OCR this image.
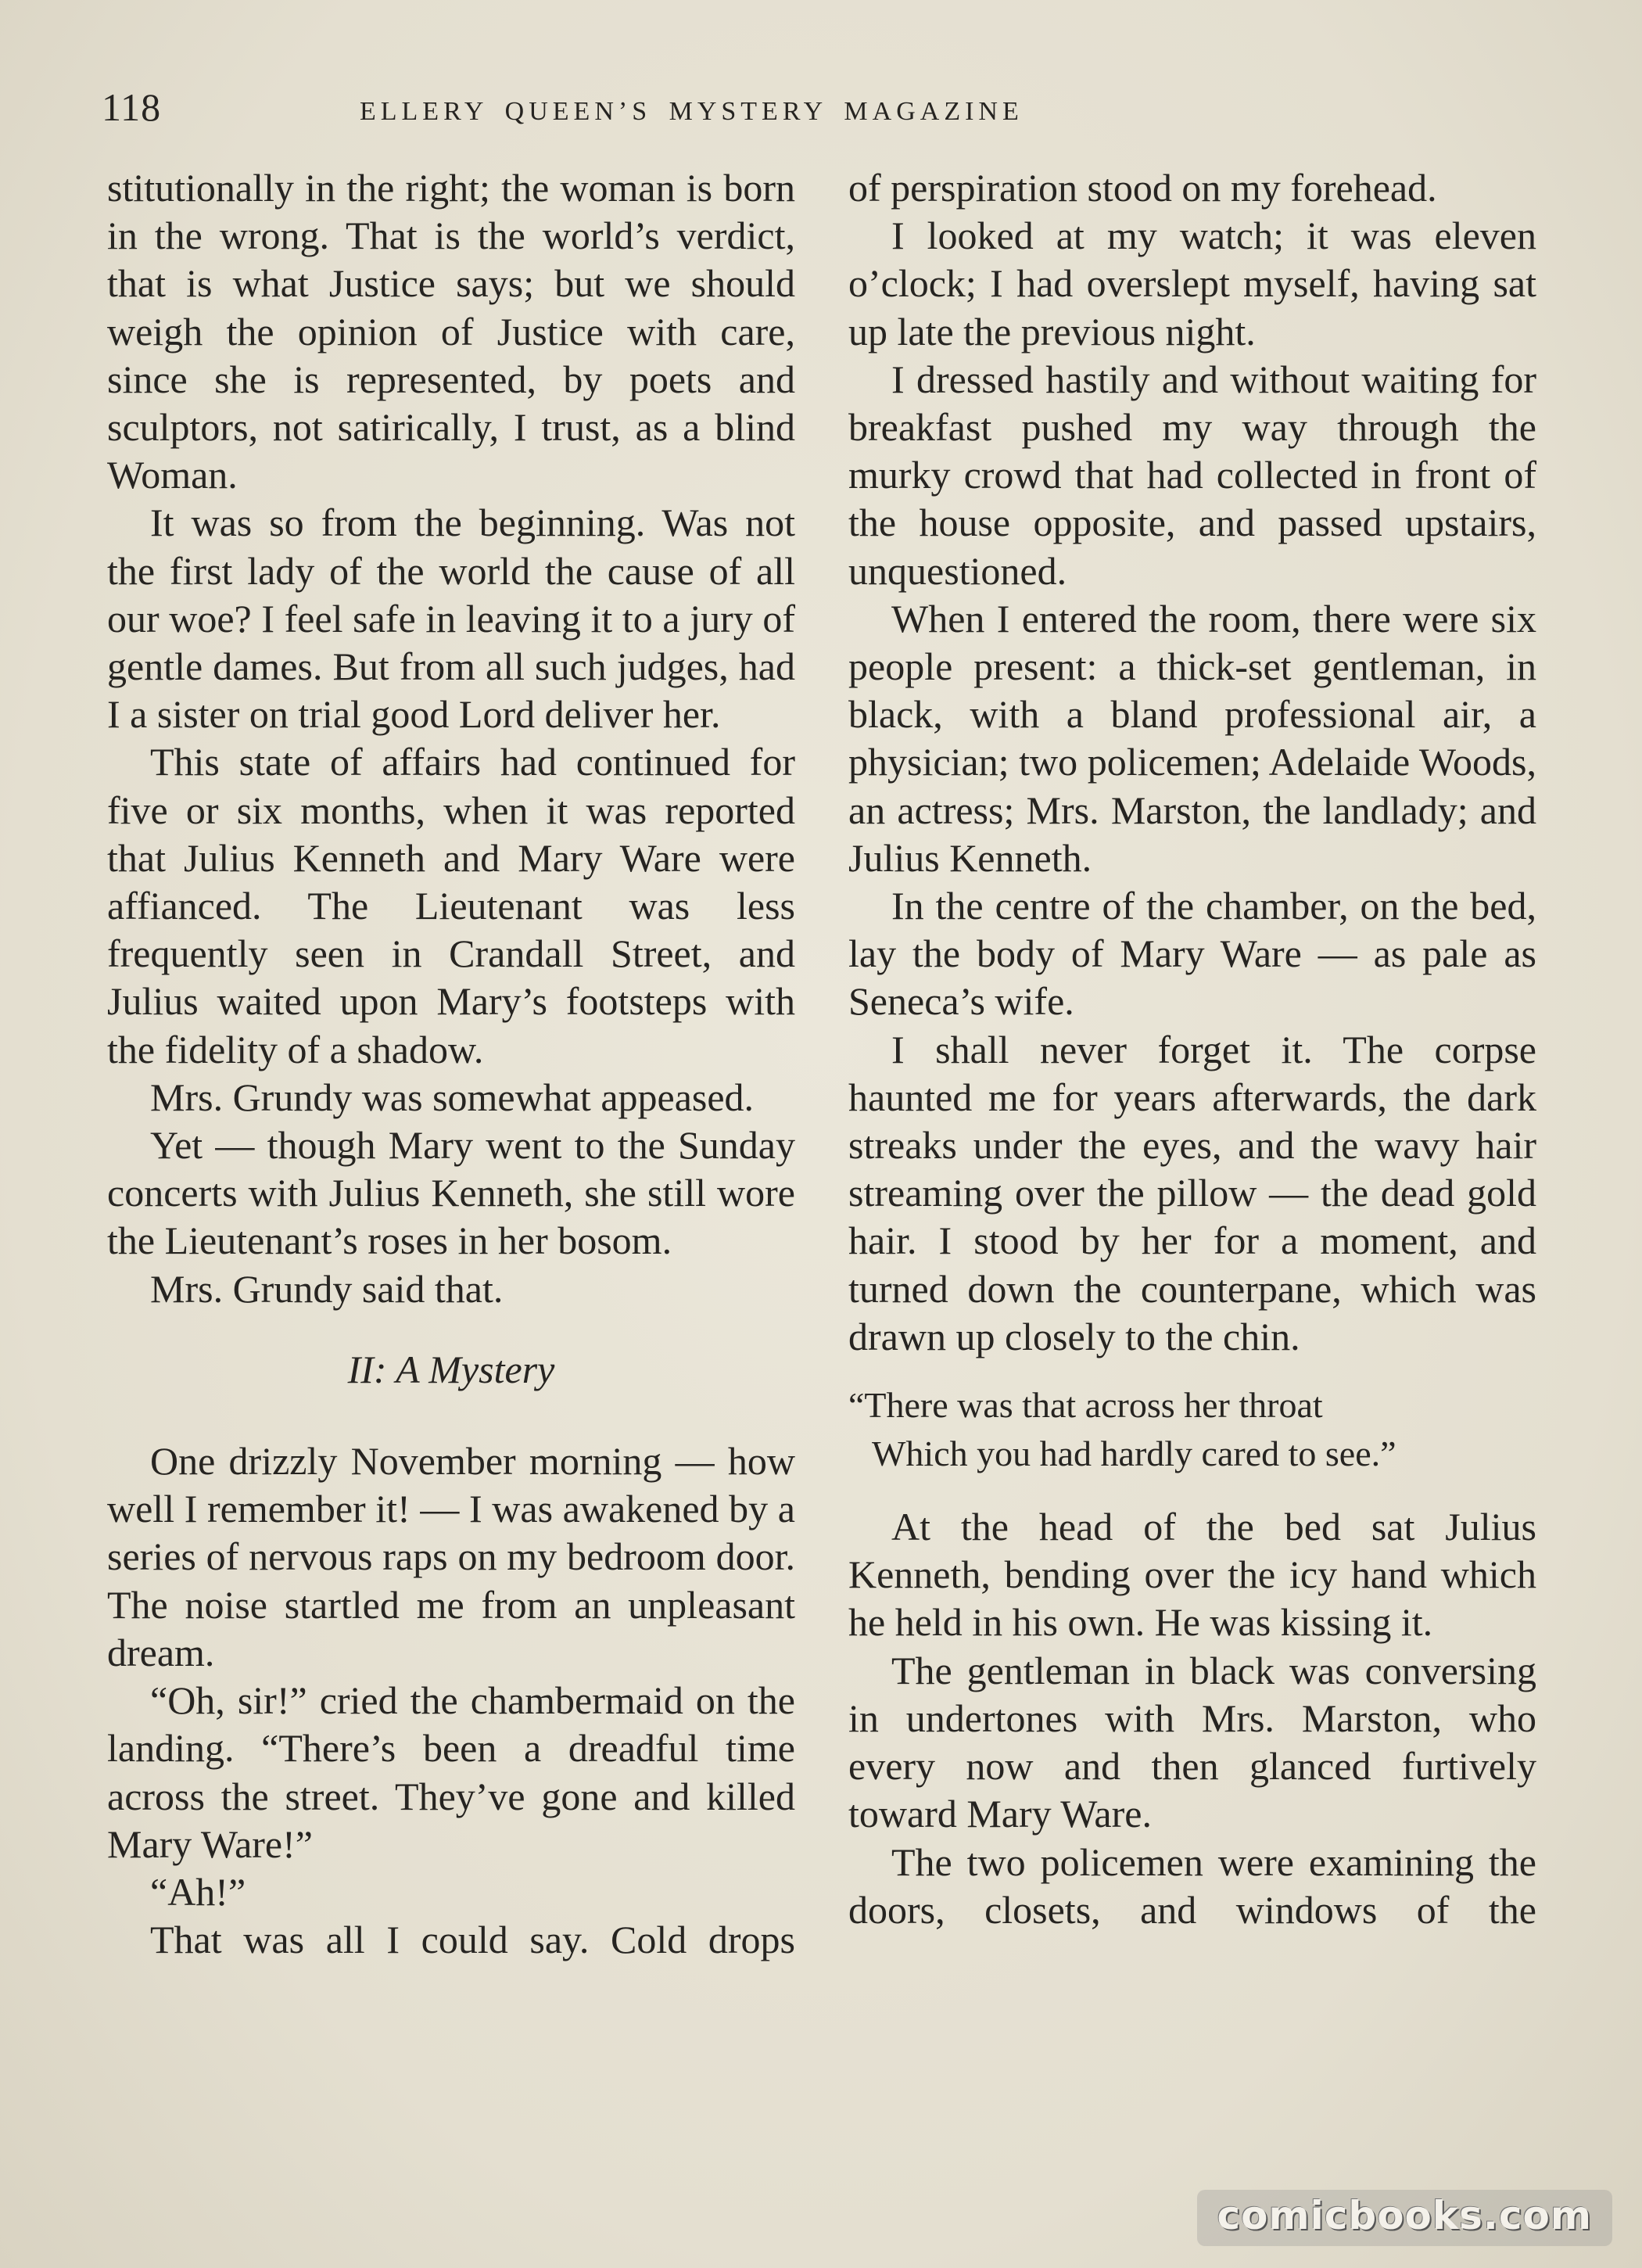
118	ELLERY QUEEN’S MYSTERY MAGAZINE

stitutionally in the right; the woman is born in the wrong. That is the world’s verdict, that is what Justice says; but we should weigh the opinion of Justice with care, since she is represented, by poets and sculptors, not satirically, I trust, as a blind Woman.

It was so from the beginning. Was not the first lady of the world the cause of all our woe? I feel safe in leaving it to a jury of gentle dames. But from all such judges, had I a sister on trial good Lord deliver her.

This state of affairs had continued for five or six months, when it was reported that Julius Kenneth and Mary Ware were affianced. The Lieutenant was less frequently seen in Crandall Street, and Julius waited upon Mary’s footsteps with the fidelity of a shadow.

Mrs. Grundy was somewhat appeased.

Yet — though Mary went to the Sunday concerts with Julius Kenneth, she still wore the Lieutenant’s roses in her bosom.

Mrs. Grundy said that.

II: A Mystery

One drizzly November morning — how well I remember it! — I was awakened by a series of nervous raps on my bedroom door. The noise startled me from an unpleasant dream.

“Oh, sir!” cried the chambermaid on the landing. “There’s been a dreadful time across the street. They’ve gone and killed Mary Ware!”

“Ah!”

That was all I could say. Cold drops

of perspiration stood on my forehead.

I looked at my watch; it was eleven o’clock; I had overslept myself, having sat up late the previous night.

I dressed hastily and without waiting for breakfast pushed my way through the murky crowd that had collected in front of the house opposite, and passed upstairs, unquestioned.

When I entered the room, there were six people present: a thick-set gentleman, in black, with a bland professional air, a physician; two policemen; Adelaide Woods, an actress; Mrs. Marston, the landlady; and Julius Kenneth.

In the centre of the chamber, on the bed, lay the body of Mary Ware — as pale as Seneca’s wife.

I shall never forget it. The corpse haunted me for years afterwards, the dark streaks under the eyes, and the wavy hair streaming over the pillow — the dead gold hair. I stood by her for a moment, and turned down the counterpane, which was drawn up closely to the chin.

“There was that across her throat

Which you had hardly cared to see.”

At the head of the bed sat Julius Kenneth, bending over the icy hand which he held in his own. He was kissing it.

The gentleman in black was conversing in undertones with Mrs. Marston, who every now and then glanced furtively toward Mary Ware.

The two policemen were examining the doors, closets, and windows of the

comicbooks.com
